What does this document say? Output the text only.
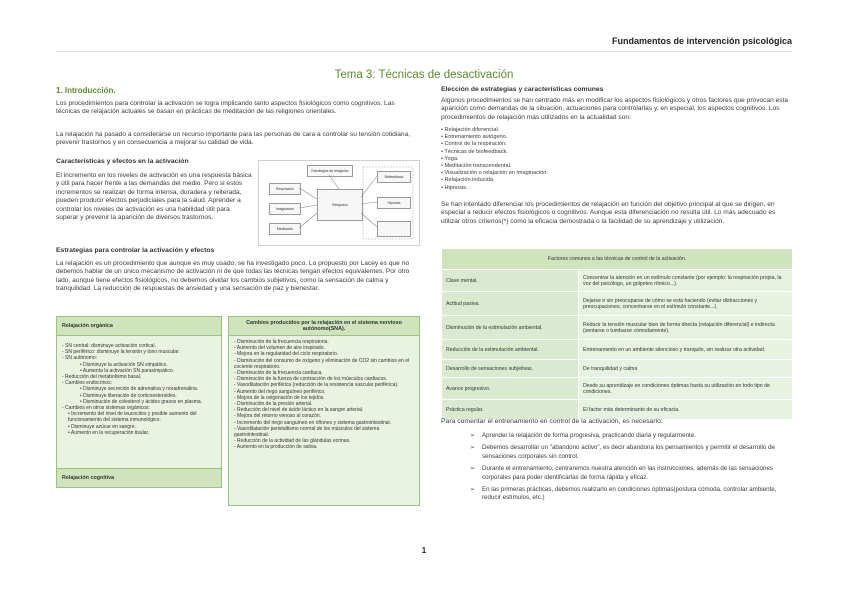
Fundamentos de intervención psicológica
Tema 3: Técnicas de desactivación
1. Introducción.
Los procedimientos para controlar la activación se logra implicando tanto aspectos fisiológicos como cognitivos. Las técnicas de relajación actuales se basan en prácticas de meditación de las religiones orientales.
La relajación ha pasado a considerarse un recurso importante para las personas de cara a controlar su tensión cotidiana, prevenir trastornos y en consecuencia a mejorar su calidad de vida.
Características y efectos en la activación
El incremento en los niveles de activación es una respuesta básica y útil para hacer frente a las demandas del medio. Pero si estos incrementos se realizan de forma intensa, duradera y reiterada, pueden producir efectos perjudiciales para la salud. Aprender a controlar los niveles de activación es una habilidad útil para superar y prevenir la aparición de diversos trastornos.
Estrategias de relajación
Respiración
Imaginación
Meditación
Relajación
Biofeedback
Hipnosis
Estrategias para controlar la activación y efectos
La relajación es un procedimiento que aunque es muy usado, se ha investigado poco. Lo propuesto por Lacey es que no debemos hablar de un único mecanismo de activación ni de que todas las técnicas tengan efectos equivalentes. Por otro lado, aunque tiene efectos fisiológicos, no debemos olvidar los cambios subjetivos, como la sensación de calma y tranquilidad. La reducción de respuestas de ansiedad y una sensación de paz y bienestar.
Relajación orgánica
- SN central: disminuye activación cortical.
- SN periférico: disminuye la tensión y tono muscular.
- SN autónomo:
• Disminuye la activación SN simpático.
• Aumenta la activación SN parasimpático.
- Reducción del metabolismo basal.
- Cambios endocrinos:
• Disminuye secreción de adrenalina y noradrenalina.
• Disminuye liberación de corticoesteroides.
• Disminución de colesterol y ácidos grasos en plasma.
- Cambios en otros sistemas orgánicos:
• Incremento del nivel de leucocitos y posible aumento del funcionamiento del sistema inmunológico.
• Disminuye azúcar en sangre.
• Aumento en la recuperación tisular.
Relajación cognitiva
Cambios producidos por la relajación en el sistema nervioso autónomo(SNA).
- Disminución de la frecuencia respiratoria.
- Aumento del volumen de aire inspirado.
- Mejora en la regularidad del ciclo respiratorio.
- Disminución del consumo de oxígeno y eliminación de CO2 sin cambios en el cociente respiratorio.
- Disminución de la frecuencia cardiaca.
- Disminución de la fuerza de contracción de los músculos cardiacos.
- Vasodilatación periférica (reducción de la resistencia vascular periférica).
- Aumento del riego sanguíneo periférico.
- Mejora de la oxigenación de los tejidos.
- Disminución de la presión arterial.
- Reducción del nivel de ácido láctico en la sangre arterial.
- Mejora del retorno venoso al corazón.
- Incremento del riego sanguíneo en riñones y sistema gastrointestinal.
- Vasodilatación peristaltismo normal de los músculos del sistema gastrointestinal.
- Reducción de la actividad de las glándulas ecrinas.
- Aumento en la producción de saliva.
Elección de estrategias y características comunes
Algunos procedimientos se han centrado más en modificar los aspectos fisiológicos y otros factores que provocan esta aparición como demandas de la situación, actuaciones para controlarlas y, en especial, los aspectos cognitivos. Los procedimientos de relajación más utilizados en la actualidad son:
• Relajación diferencial.
• Entrenamiento autógeno.
• Control de la respiración.
• Técnicas de biofeedback.
• Yoga.
• Meditación transcendental.
• Visualización o relajación en imaginación.
• Relajación inducida.
• Hipnosis.
Se han intentado diferenciar los procedimientos de relajación en función del objetivo principal al que se dirigen, en especial a reducir efectos fisiológicos o cognitivos. Aunque esta diferenciación no resulta útil. Lo más adecuado es utilizar otros criterios(*) como la eficacia demostrada o la facilidad de su aprendizaje y utilización.
Factores comunes a las técnicas de control de la activación.	
Clave mental.	Concentrar la atención en un estímulo constante (por ejemplo: la respiración propia, la voz del psicólogo, un golpeteo rítmico...).
Actitud pasiva.	Dejarse ir sin preocuparse de cómo se está haciendo (evitar distracciones y preocupaciones, concentrarse en el estímulo constante...).
Disminución de la estimulación ambiental.	Reducir la tensión muscular bien de forma directa (relajación diferencial) e indirecta (sentarse o tumbarse cómodamente).
Reducción de la estimulación ambiental.	Entrenamiento en un ambiente silencioso y tranquilo, sin realizar otra actividad.
Desarrollo de sensaciones subjetivas.	De tranquilidad y calma
Avance progresivo.	Desde su aprendizaje en condiciones óptimas hasta su utilización en todo tipo de condiciones.
Práctica regular.	El factor más determinante de su eficacia.
Para comentar el entrenamiento en control de la activación, es necesario:
➢ Aprender la relajación de forma progresiva, practicando diaria y regularmente.
➢ Debemos desarrollar un "abandono activo", es decir abandona los pensamientos y permitir el desarrollo de sensaciones corporales sin control.
➢ Durante el entrenamiento, centraremos nuestra atención en las instrucciones, además de las sensaciones corporales para poder identificarlas de forma rápida y eficaz.
➢ En las primeras prácticas, debemos realizarlo en condiciones óptimas(postura cómoda, controlar ambiente, reducir estímulos, etc.)
1
